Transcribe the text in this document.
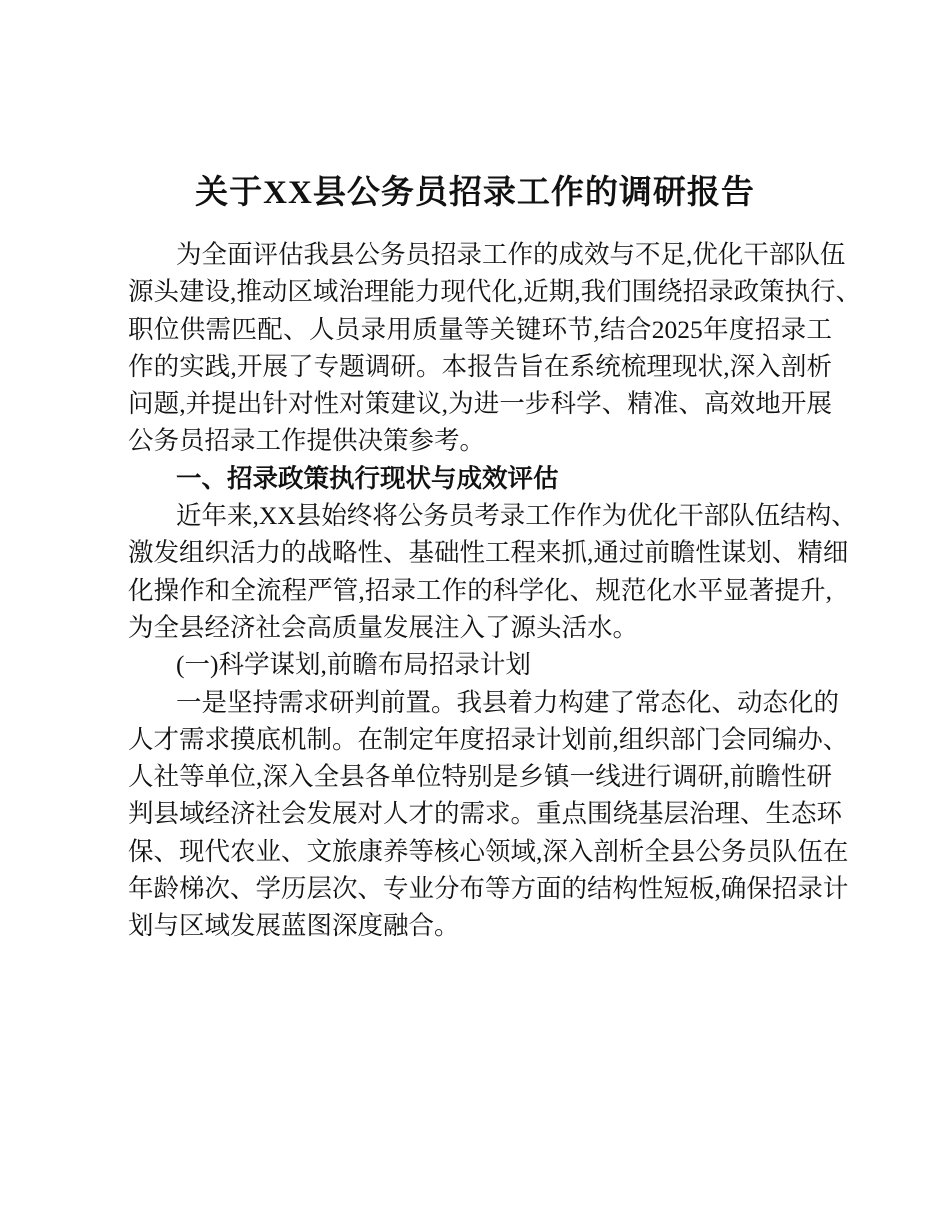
关于XX县公务员招录工作的调研报告
为全面评估我县公务员招录工作的成效与不足,优化干部队伍
源头建设,推动区域治理能力现代化,近期,我们围绕招录政策执行、
职位供需匹配、人员录用质量等关键环节,结合2025年度招录工
作的实践,开展了专题调研。本报告旨在系统梳理现状,深入剖析
问题,并提出针对性对策建议,为进一步科学、精准、高效地开展
公务员招录工作提供决策参考。
一、招录政策执行现状与成效评估
近年来,XX县始终将公务员考录工作作为优化干部队伍结构、
激发组织活力的战略性、基础性工程来抓,通过前瞻性谋划、精细
化操作和全流程严管,招录工作的科学化、规范化水平显著提升,
为全县经济社会高质量发展注入了源头活水。
(一)科学谋划,前瞻布局招录计划
一是坚持需求研判前置。我县着力构建了常态化、动态化的
人才需求摸底机制。在制定年度招录计划前,组织部门会同编办、
人社等单位,深入全县各单位特别是乡镇一线进行调研,前瞻性研
判县域经济社会发展对人才的需求。重点围绕基层治理、生态环
保、现代农业、文旅康养等核心领域,深入剖析全县公务员队伍在
年龄梯次、学历层次、专业分布等方面的结构性短板,确保招录计
划与区域发展蓝图深度融合。
